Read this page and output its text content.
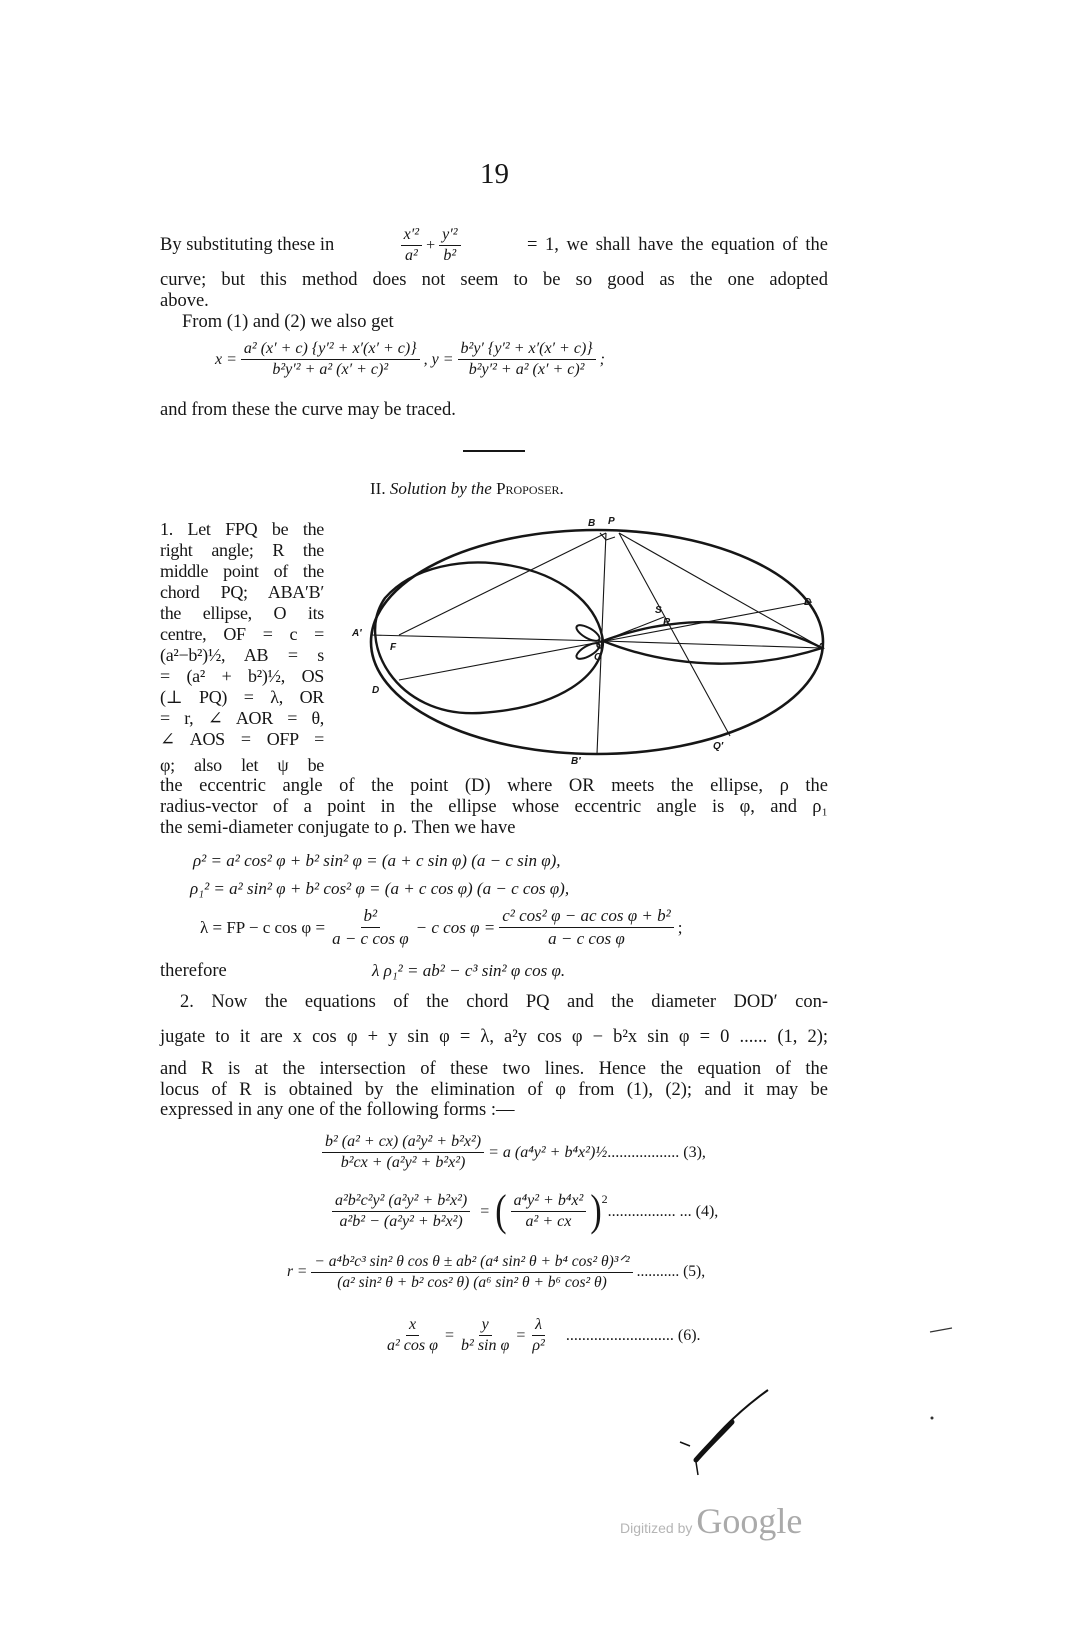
19
By substituting these in	$\frac{\text{x′²}}{\text{a²}} + \frac{\text{y′²}}{\text{b²}}$	= 1, we shall have the equation of the
curve; but this method does not seem to be so good as the one adopted
above.
From (1) and (2) we also get
$x = \frac{\text{a² (x′ + c) \{y′² + x′(x′ + c)\}}}{\text{b²y′² + a² (x′ + c)²}}$ , $y = \frac{\text{b²y′ \{y′² + x′(x′ + c)\}}}{\text{b²y′² + a² (x′ + c)²}}$ ;
and from these the curve may be traced.
II. Solution by the Proposer.
1. Let FPQ be the
right angle; R the
middle point of the
chord PQ; ABA′B′
the ellipse, O its
centre, OF = c =
(a²−b²)½, AB = s
= (a² + b²)½, OS
(⊥ PQ) = λ, OR
= r, ∠ AOR = θ,
∠ AOS = OFP =
φ; also let ψ be
B P
D
S
R
A′
F	A
O
D
B′
Q′
the eccentric angle of the point (D) where OR meets the ellipse, ρ the
radius-vector of a point in the ellipse whose eccentric angle is φ, and ρ₁
the semi-diameter conjugate to ρ. Then we have
ρ² = a² cos² φ + b² sin² φ = (a + c sin φ) (a − c sin φ),
ρ₁² = a² sin² φ + b² cos² φ = (a + c cos φ) (a − c cos φ),
λ = FP − c $\cos \varphi = \frac{\text{b²}}{\text{a − c cos φ}} - c$ $\cos \varphi = \frac{\text{c² cos² φ − ac cos φ + b²}}{\text{a − c cos φ}}$ ;
therefore	λ ρ₁² = ab² − c³ sin² φ cos φ.
2. Now the equations of the chord PQ and the diameter DOD′ con-
jugate to it are x cos φ + y sin φ = λ, a²y cos φ − b²x sin φ = 0 ...... (1, 2);
and R is at the intersection of these two lines. Hence the equation of the
locus of R is obtained by the elimination of φ from (1), (2); and it may be
expressed in any one of the following forms :—
$\frac{\text{b² (a² + cx) (a²y² + b²x²)}}{\text{b²cx + (a²y² + b²x²)}} = a$ (a⁴y² + b⁴x²)½ .................. (3),
$\frac{\text{a²b²c²y² (a²y² + b²x²)}}{\text{a²b² − (a²y² + b²x²)}}$ = ( $\frac{\text{a⁴y² + b⁴x²}}{\text{a² + cx}}$ ) 2
................. ... (4),
$r = \frac{\text{− a⁴b²c³ sin² θ cos θ ± ab² (a⁴ sin² θ + b⁴ cos² θ)³ᐟ²}}{\text{(a² sin² θ + b² cos² θ) (a⁶ sin² θ + b⁶ cos² θ)}}$ ........... (5),
$\frac{x}{\text{a² cos φ}} = \frac{y}{\text{b² sin φ}} = \frac{\lambda}{\text{ρ²}}$ ........................... (6).
Digitized by Google
